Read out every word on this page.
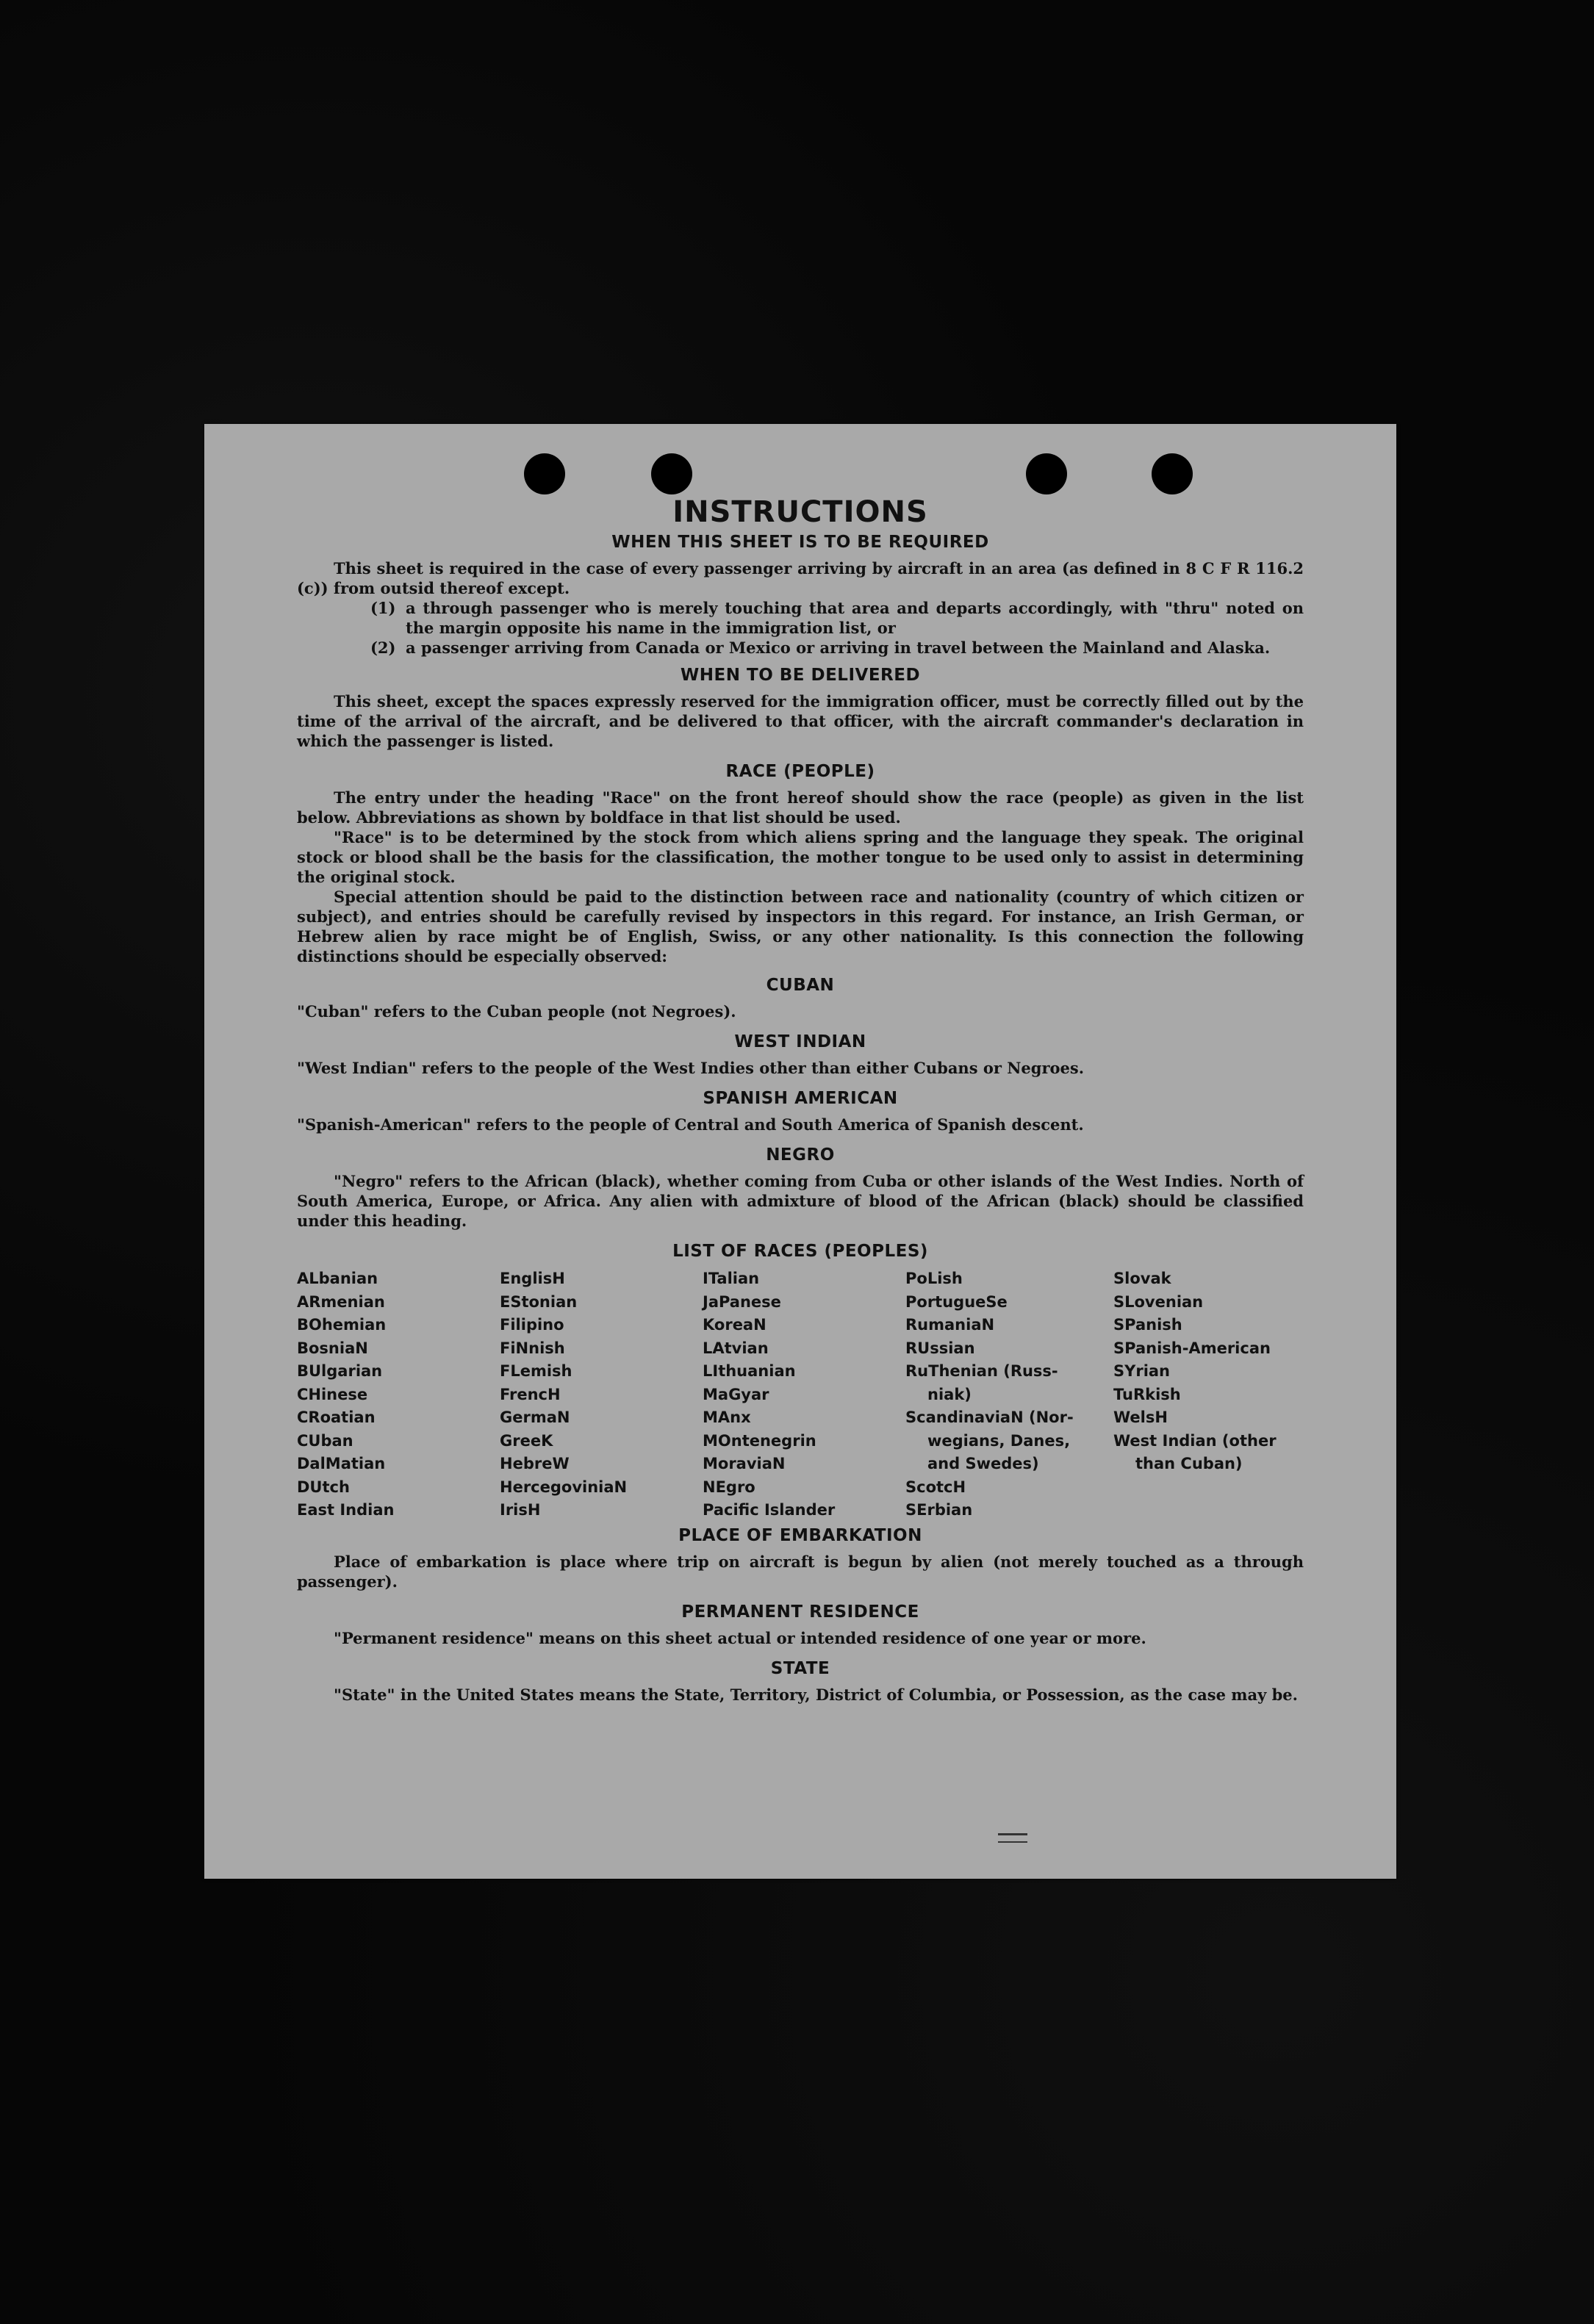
INSTRUCTIONS
WHEN THIS SHEET IS TO BE REQUIRED

This sheet is required in the case of every passenger arriving by aircraft in an area (as defined in 8 C F R 116.2 (c)) from outsid thereof except.

(1) a through passenger who is merely touching that area and departs accordingly, with "thru" noted on the margin opposite his name in the immigration list, or

(2) a passenger arriving from Canada or Mexico or arriving in travel between the Mainland and Alaska.

WHEN TO BE DELIVERED

This sheet, except the spaces expressly reserved for the immigration officer, must be correctly filled out by the time of the arrival of the aircraft, and be delivered to that officer, with the aircraft commander's declaration in which the passenger is listed.

RACE (PEOPLE)

The entry under the heading "Race" on the front hereof should show the race (people) as given in the list below. Abbreviations as shown by boldface in that list should be used.

"Race" is to be determined by the stock from which aliens spring and the language they speak. The original stock or blood shall be the basis for the classification, the mother tongue to be used only to assist in determining the original stock.

Special attention should be paid to the distinction between race and nationality (country of which citizen or subject), and entries should be carefully revised by inspectors in this regard. For instance, an Irish German, or Hebrew alien by race might be of English, Swiss, or any other nationality. Is this connection the following distinctions should be especially observed:

CUBAN

"Cuban" refers to the Cuban people (not Negroes).

WEST INDIAN

"West Indian" refers to the people of the West Indies other than either Cubans or Negroes.

SPANISH AMERICAN

"Spanish-American" refers to the people of Central and South America of Spanish descent.

NEGRO

"Negro" refers to the African (black), whether coming from Cuba or other islands of the West Indies. North of South America, Europe, or Africa. Any alien with admixture of blood of the African (black) should be classified under this heading.

LIST OF RACES (PEOPLES)
ALbanian
ARmenian
BOhemian
BosniaN
BUlgarian
CHinese
CRoatian
CUban
DalMatian
DUtch
East Indian
EnglisH
EStonian
Filipino
FiNnish
FLemish
FrencH
GermaN
GreeK
HebreW
HercegoviniaN
IrisH
ITalian
JaPanese
KoreaN
LAtvian
LIthuanian
MaGyar
MAnx
MOntenegrin
MoraviaN
NEgro
Pacific Islander
PoLish
PortugueSe
RumaniaN
RUssian
RuThenian (Russ-
niak)
ScandinaviaN (Nor-
wegians, Danes,
and Swedes)
ScotcH
SErbian
Slovak
SLovenian
SPanish
SPanish-American
SYrian
TuRkish
WelsH
West Indian (other
than Cuban)
PLACE OF EMBARKATION

Place of embarkation is place where trip on aircraft is begun by alien (not merely touched as a through passenger).

PERMANENT RESIDENCE

"Permanent residence" means on this sheet actual or intended residence of one year or more.

STATE

"State" in the United States means the State, Territory, District of Columbia, or Possession, as the case may be.
